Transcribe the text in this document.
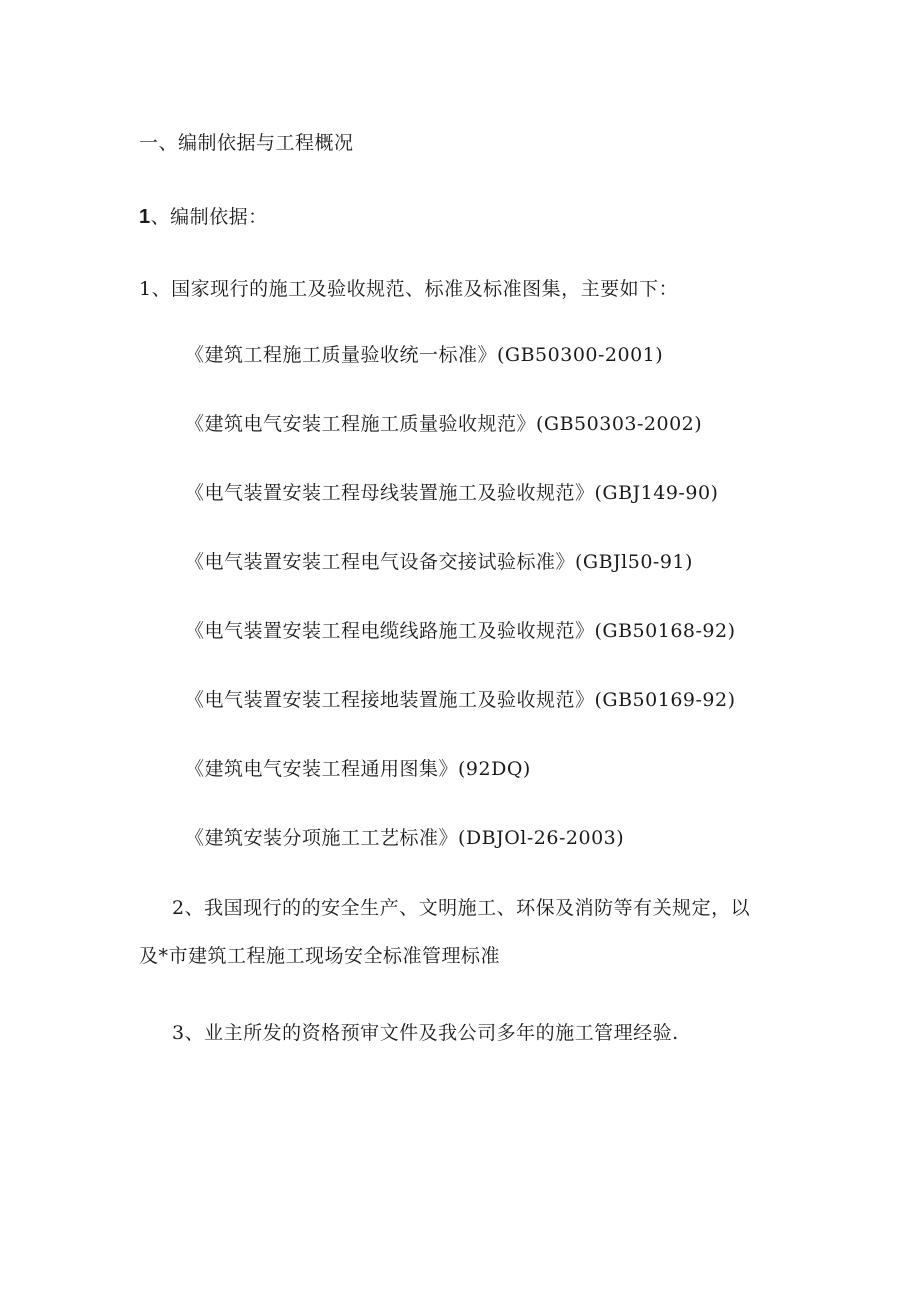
一、编制依据与工程概况
1、编制依据：
1、国家现行的施工及验收规范、标准及标准图集，主要如下：
《建筑工程施工质量验收统一标准》(GB50300-2001)
《建筑电气安装工程施工质量验收规范》(GB50303-2002)
《电气装置安装工程母线装置施工及验收规范》(GBJ149-90)
《电气装置安装工程电气设备交接试验标准》(GBJl50-91)
《电气装置安装工程电缆线路施工及验收规范》(GB50168-92)
《电气装置安装工程接地装置施工及验收规范》(GB50169-92)
《建筑电气安装工程通用图集》(92DQ)
《建筑安装分项施工工艺标准》(DBJOl-26-2003)
2、我国现行的的安全生产、文明施工、环保及消防等有关规定，以
及*市建筑工程施工现场安全标准管理标准
3、业主所发的资格预审文件及我公司多年的施工管理经验.
